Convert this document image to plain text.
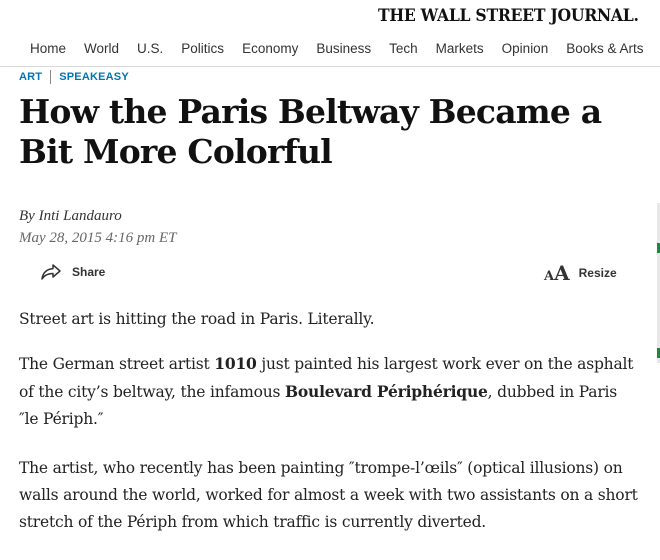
THE WALL STREET JOURNAL.
Home World U.S. Politics Economy Business Tech Markets Opinion Books & Arts
ART SPEAKEASY
How the Paris Beltway Became a Bit More Colorful
By Inti Landauro
May 28, 2015 4:16 pm ET
Share	AA Resize

Street art is hitting the road in Paris. Literally.

The German street artist 1010 just painted his largest work ever on the asphalt of the city’s beltway, the infamous Boulevard Périphérique, dubbed in Paris ″le Périph.″

The artist, who recently has been painting ″trompe-l’œils″ (optical illusions) on walls around the world, worked for almost a week with two assistants on a short stretch of the Périph from which traffic is currently diverted.
